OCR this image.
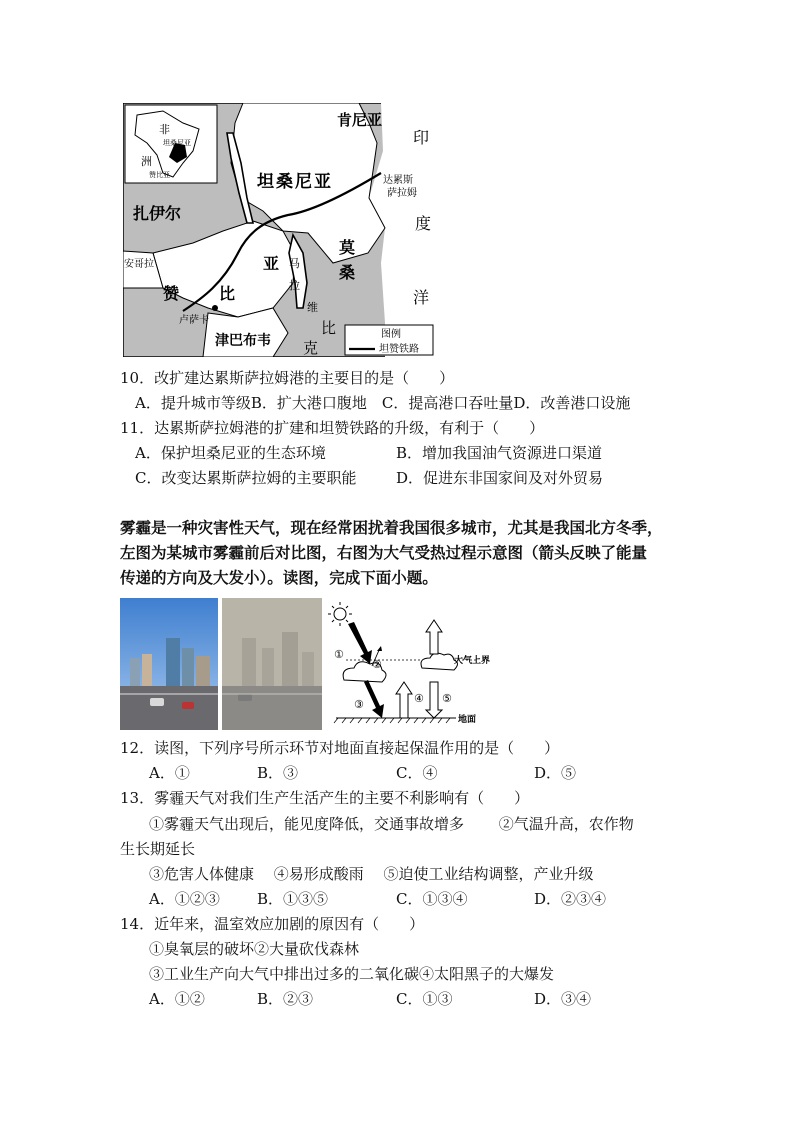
非
洲
坦桑尼亚
赞比亚
肯尼亚
坦桑尼亚	达累斯
萨拉姆
扎伊尔
安哥拉
赞
亚
比
卢萨卡
津巴布韦
马
拉
维
莫
桑
比
克
印
度
洋
图例
坦赞铁路
10．改扩建达累斯萨拉姆港的主要目的是（　　）
A．提升城市等级B．扩大港口腹地　C．提高港口吞吐量D．改善港口设施
11．达累斯萨拉姆港的扩建和坦赞铁路的升级，有利于（　　）
A．保护坦桑尼亚的生态环境	B．增加我国油气资源进口渠道
C．改变达累斯萨拉姆的主要职能	D．促进东非国家间及对外贸易
雾霾是一种灾害性天气，现在经常困扰着我国很多城市，尤其是我国北方冬季，
左图为某城市雾霾前后对比图，右图为大气受热过程示意图（箭头反映了能量
传递的方向及大发小）。读图，完成下面小题。
①
②
③	④ ⑤
大气上界
地面
12．读图，下列序号所示环节对地面直接起保温作用的是（　　）
A．①	B．③	C．④	D．⑤
13．雾霾天气对我们生产生活产生的主要不利影响有（　　）
①雾霾天气出现后，能见度降低，交通事故增多　　 ②气温升高，农作物
生长期延长
③危害人体健康　 ④易形成酸雨　 ⑤迫使工业结构调整，产业升级
A．①②③ B．①③⑤	C．①③④	D．②③④
14．近年来，温室效应加剧的原因有（　　）
①臭氧层的破坏②大量砍伐森林
③工业生产向大气中排出过多的二氧化碳④太阳黑子的大爆发
A．①②	B．②③	C．①③	D．③④
